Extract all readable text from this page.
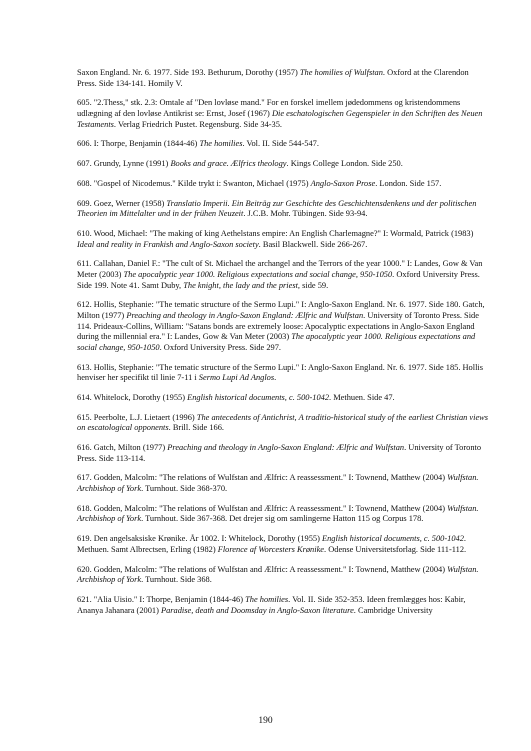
Saxon England. Nr. 6. 1977. Side 193. Bethurum, Dorothy (1957) The homilies of Wulfstan. Oxford at the Clarendon Press. Side 134-141. Homily V.

605. "2.Thess," stk. 2.3: Omtale af "Den lovløse mand." For en forskel imellem jødedommens og kristendommens udlægning af den lovløse Antikrist se: Ernst, Josef (1967) Die eschatologischen Gegenspieler in den Schriften des Neuen Testaments. Verlag Friedrich Pustet. Regensburg. Side 34-35.

606. I: Thorpe, Benjamin (1844-46) The homilies. Vol. II. Side 544-547.

607. Grundy, Lynne (1991) Books and grace. Ælfrics theology. Kings College London. Side 250.

608. "Gospel of Nicodemus." Kilde trykt i: Swanton, Michael (1975) Anglo-Saxon Prose. London. Side 157.

609. Goez, Werner (1958) Translatio Imperii. Ein Beiträg zur Geschichte des Geschichtensdenkens und der politischen Theorien im Mittelalter und in der frühen Neuzeit. J.C.B. Mohr. Tübingen. Side 93-94.

610. Wood, Michael: "The making of king Aethelstans empire: An English Charlemagne?" I: Wormald, Patrick (1983) Ideal and reality in Frankish and Anglo-Saxon society. Basil Blackwell. Side 266-267.

611. Callahan, Daniel F.: "The cult of St. Michael the archangel and the Terrors of the year 1000." I: Landes, Gow & Van Meter (2003) The apocalyptic year 1000. Religious expectations and social change, 950-1050. Oxford University Press. Side 199. Note 41. Samt Duby, The knight, the lady and the priest, side 59.

612. Hollis, Stephanie: "The tematic structure of the Sermo Lupi." I: Anglo-Saxon England. Nr. 6. 1977. Side 180. Gatch, Milton (1977) Preaching and theology in Anglo-Saxon England: Ælfric and Wulfstan. University of Toronto Press. Side 114. Prideaux-Collins, William: "Satans bonds are extremely loose: Apocalyptic expectations in Anglo-Saxon England during the millennial era." I: Landes, Gow & Van Meter (2003) The apocalyptic year 1000. Religious expectations and social change, 950-1050. Oxford University Press. Side 297.

613. Hollis, Stephanie: "The tematic structure of the Sermo Lupi." I: Anglo-Saxon England. Nr. 6. 1977. Side 185. Hollis henviser her specifikt til linie 7-11 i Sermo Lupi Ad Anglos.

614. Whitelock, Dorothy (1955) English historical documents, c. 500-1042. Methuen. Side 47.

615. Peerbolte, L.J. Lietaert (1996) The antecedents of Antichrist, A traditio-historical study of the earliest Christian views on escatological opponents. Brill. Side 166.

616. Gatch, Milton (1977) Preaching and theology in Anglo-Saxon England: Ælfric and Wulfstan. University of Toronto Press. Side 113-114.

617. Godden, Malcolm: "The relations of Wulfstan and Ælfric: A reassessment." I: Townend, Matthew (2004) Wulfstan. Archbishop of York. Turnhout. Side 368-370.

618. Godden, Malcolm: "The relations of Wulfstan and Ælfric: A reassessment." I: Townend, Matthew (2004) Wulfstan. Archbishop of York. Turnhout. Side 367-368. Det drejer sig om samlingerne Hatton 115 og Corpus 178.

619. Den angelsaksiske Krønike. År 1002. I: Whitelock, Dorothy (1955) English historical documents, c. 500-1042. Methuen. Samt Albrectsen, Erling (1982) Florence af Worcesters Krønike. Odense Universitetsforlag. Side 111-112.

620. Godden, Malcolm: "The relations of Wulfstan and Ælfric: A reassessment." I: Townend, Matthew (2004) Wulfstan. Archbishop of York. Turnhout. Side 368.

621. "Alia Uisio." I: Thorpe, Benjamin (1844-46) The homilies. Vol. II. Side 352-353. Ideen fremlægges hos: Kabir, Ananya Jahanara (2001) Paradise, death and Doomsday in Anglo-Saxon literature. Cambridge University

190
